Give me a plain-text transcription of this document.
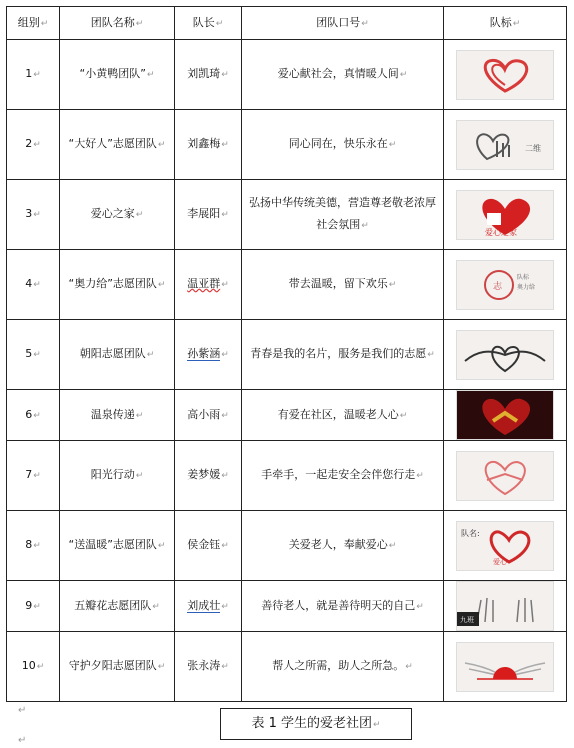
组别↵	团队名称↵	队长↵	团队口号↵	队标↵
1↵	“小黄鸭团队”↵	刘凯琦↵	爱心献社会，真情暖人间↵	

2↵	“大好人”志愿团队↵	刘鑫梅↵	同心同在，快乐永在↵	二维

3↵	爱心之家↵	李展阳↵	弘扬中华传统美德，营造尊老敬老浓厚社会氛围↵	爱心之家

4↵	“奥力给”志愿团队↵	温亚群↵	带去温暖，留下欢乐↵	志
队标
奥力给

5↵	朝阳志愿团队↵	孙紫涵↵	青春是我的名片，服务是我们的志愿↵	

6↵	温泉传递↵	高小雨↵	有爱在社区，温暖老人心↵	

7↵	阳光行动↵	姜梦媛↵	手牵手，一起走安全会伴您行走↵	

8↵	“送温暖”志愿团队↵	侯金钰↵	关爱老人，奉献爱心↵	队名:
爱心

9↵	五瓣花志愿团队↵	刘成壮↵	善待老人，就是善待明天的自己↵	九班

10↵	守护夕阳志愿团队↵	张永涛↵	帮人之所需，助人之所急。↵	
↵
表 1 学生的爱老社团↵
↵
